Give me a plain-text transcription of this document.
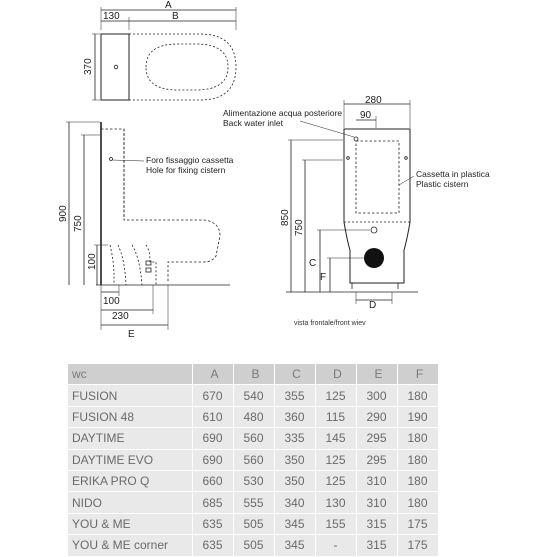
A
130	B
370
900
750
100
100
230
E
Foro fissaggio cassetta
Hole for fixing cistern
280
90
Alimentazione acqua posteriore
Back water inlet
Cassetta in plastica
Plastic cistern
850
750
C
F
D
vista frontale/front wiev
wc	A	B	C	D	E	F
FUSION	670	540	355	125	300	180
FUSION 48	610	480	360	115	290	190
DAYTIME	690	560	335	145	295	180
DAYTIME EVO	690	560	350	125	295	180
ERIKA PRO Q	660	530	350	125	310	180
NIDO	685	555	340	130	310	180
YOU & ME	635	505	345	155	315	175
YOU & ME corner	635	505	345	-	315	175
